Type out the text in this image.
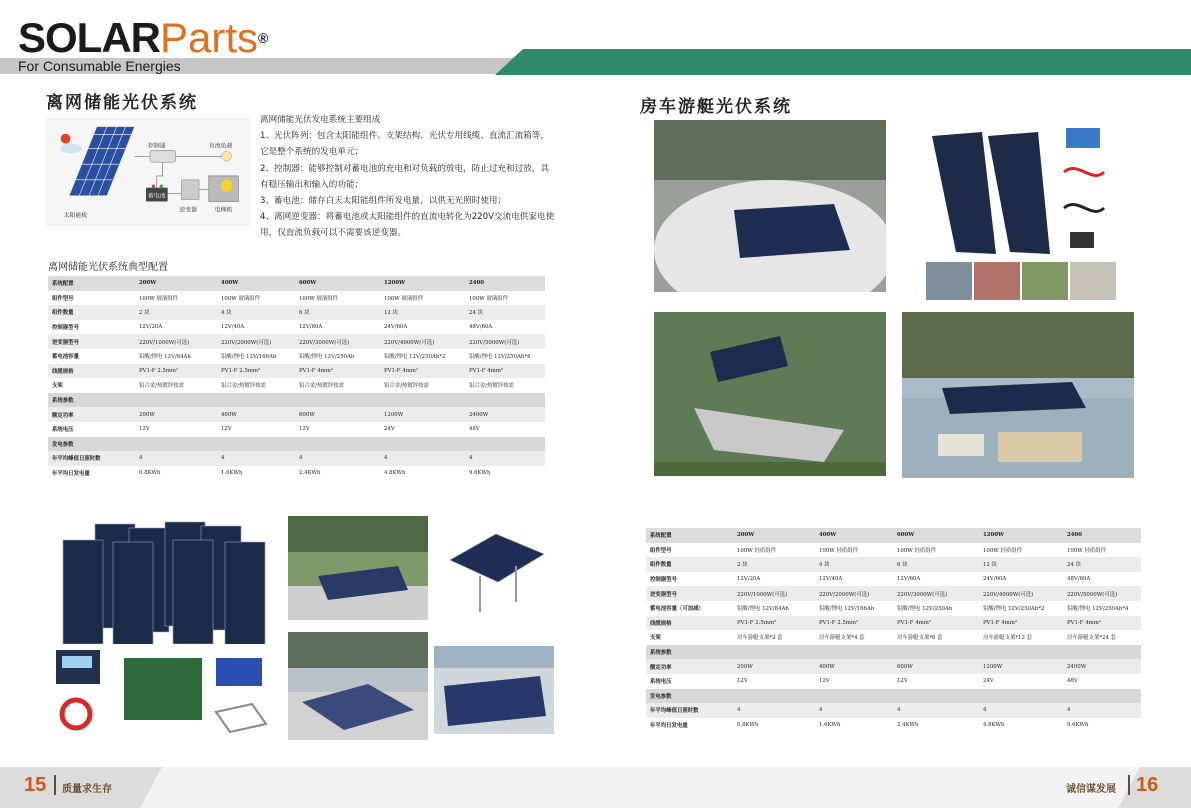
SOLARParts®
For Consumable Energies
离网储能光伏系统
控制器	直流负载
蓄电池
逆变器	电梯机
太阳能板

离网储能光伏发电系统主要组成

1、光伏阵列：包含太阳能组件、支架结构、光伏专用线缆、直流汇流箱等，它是整个系统的发电单元；

2、控制器：能够控制对蓄电池的充电和对负载的放电，防止过充和过放，具有稳压输出和输入的功能；

3、蓄电池：储存白天太阳能组件所发电量，以供无光照时使用；

4、离网逆变器：将蓄电池或太阳能组件的直流电转化为220V交流电供家电使用，仅直流负载可以不需要该逆变器。

离网储能光伏系统典型配置
系统配置	200W	400W	600W	1200W	2400
组件型号	100W 玻璃组件	100W 玻璃组件	100W 玻璃组件	100W 玻璃组件	100W 玻璃组件
组件数量	2 块	4 块	6 块	12 块	24 块
控制器型号	12V/20A	12V/40A	12V/60A	24V/60A	48V/60A
逆变器型号	220V/1000W(可选)	220V/2000W(可选)	220V/3000W(可选)	220V/4000W(可选)	220V/5000W(可选)
蓄电池容量	铅酸/锂电 12V/84Ah	铅酸/锂电 12V/166Ah	铅酸/锂电 12V/250Ah	铅酸/锂电 12V/250Ah*2	铅酸/锂电 12V/250Ah*4
线缆规格	PV1-F 2.5mm²	PV1-F 2.5mm²	PV1-F 4mm²	PV1-F 4mm²	PV1-F 4mm²
支架	铝合金/热镀锌按需	铝合金/热镀锌按需	铝合金/热镀锌按需	铝合金/热镀锌按需	铝合金/热镀锌按需
系统参数					
额定功率	200W	400W	600W	1200W	2400W
系统电压	12V	12V	12V	24V	48V
发电参数					
年平均峰值日照时数	4	4	4	4	4
年平均日发电量	0.8KWh	1.6KWh	2.4KWh	4.8KWh	9.6KWh
房车游艇光伏系统
系统配置	200W	400W	600W	1200W	2400
组件型号	100W 轻质组件	100W 轻质组件	100W 轻质组件	100W 轻质组件	100W 轻质组件
组件数量	2 块	4 块	6 块	12 块	24 块
控制器型号	12V/20A	12V/40A	12V/60A	24V/60A	48V/60A
逆变器型号	220V/1000W(可选)	220V/2000W(可选)	220V/3000W(可选)	220V/4000W(可选)	220V/5000W(可选)
蓄电池容量（可加减）	铅酸/锂电 12V/84Ah	铅酸/锂电 12V/166Ah	铅酸/锂电 12V/250Ah	铅酸/锂电 12V/250Ah*2	铅酸/锂电 12V/250Ah*4
线缆规格	PV1-F 2.5mm²	PV1-F 2.5mm²	PV1-F 4mm²	PV1-F 4mm²	PV1-F 4mm²
支架	房车游艇支架*2 套	房车游艇支架*4 套	房车游艇支架*6 套	房车游艇支架*12 套	房车游艇支架*24 套
系统参数					
额定功率	200W	400W	600W	1200W	2400W
系统电压	12V	12V	12V	24V	48V
发电参数					
年平均峰值日照时数	4	4	4	4	4
年平均日发电量	0.8KWh	1.6KWh	2.4KWh	4.8KWh	9.6KWh
15 质量求生存	诚信谋发展 16
